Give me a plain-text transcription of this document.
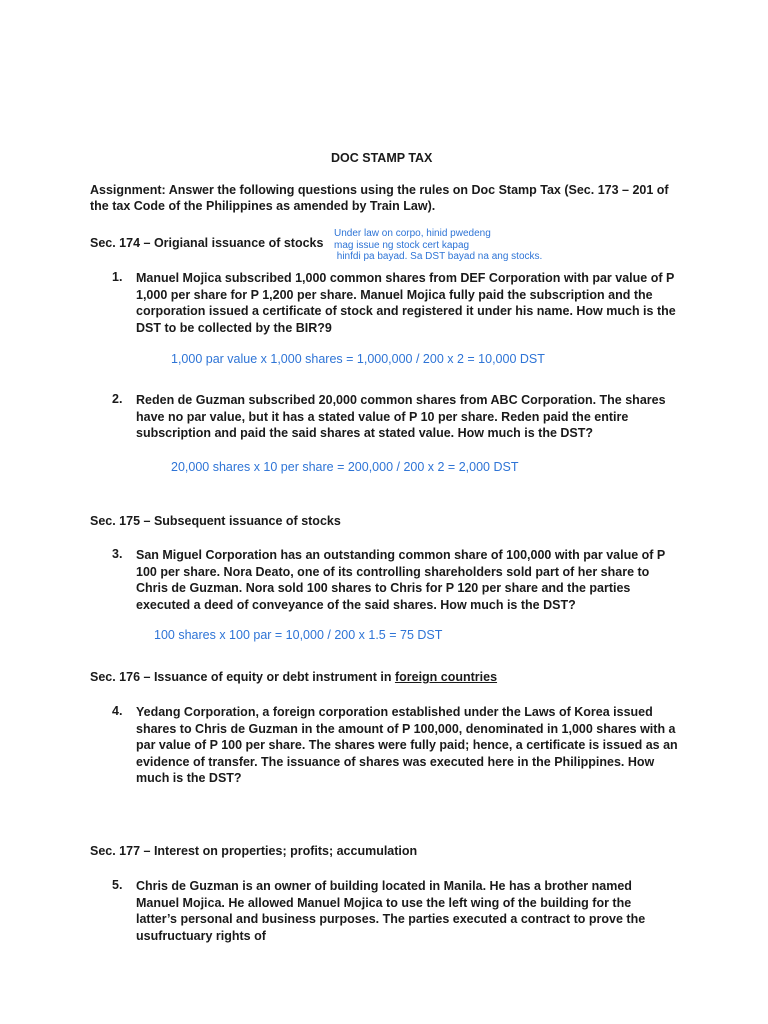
DOC STAMP TAX
Assignment: Answer the following questions using the rules on Doc Stamp Tax (Sec. 173 – 201 of the tax Code of the Philippines as amended by Train Law).
Sec. 174 – Origianal issuance of stocks
Under law on corpo, hinid pwedeng
mag issue ng stock cert kapag
hinfdi pa bayad. Sa DST bayad na ang stocks.
1. Manuel Mojica subscribed 1,000 common shares from DEF Corporation with par value of P 1,000 per share for P 1,200 per share. Manuel Mojica fully paid the subscription and the corporation issued a certificate of stock and registered it under his name. How much is the DST to be collected by the BIR?9
1,000 par value x 1,000 shares = 1,000,000 / 200 x 2 = 10,000 DST
2. Reden de Guzman subscribed 20,000 common shares from ABC Corporation. The shares have no par value, but it has a stated value of P 10 per share. Reden paid the entire subscription and paid the said shares at stated value. How much is the DST?
20,000 shares x 10 per share = 200,000 / 200 x 2 = 2,000 DST
Sec. 175 – Subsequent issuance of stocks
3. San Miguel Corporation has an outstanding common share of 100,000 with par value of P 100 per share. Nora Deato, one of its controlling shareholders sold part of her share to Chris de Guzman. Nora sold 100 shares to Chris for P 120 per share and the parties executed a deed of conveyance of the said shares. How much is the DST?
100 shares x 100 par = 10,000 / 200 x 1.5 = 75 DST
Sec. 176 – Issuance of equity or debt instrument in foreign countries
4. Yedang Corporation, a foreign corporation established under the Laws of Korea issued shares to Chris de Guzman in the amount of P 100,000, denominated in 1,000 shares with a par value of P 100 per share. The shares were fully paid; hence, a certificate is issued as an evidence of transfer. The issuance of shares was executed here in the Philippines. How much is the DST?
Sec. 177 – Interest on properties; profits; accumulation
5. Chris de Guzman is an owner of building located in Manila. He has a brother named Manuel Mojica. He allowed Manuel Mojica to use the left wing of the building for the latter’s personal and business purposes. The parties executed a contract to prove the usufructuary rights of
